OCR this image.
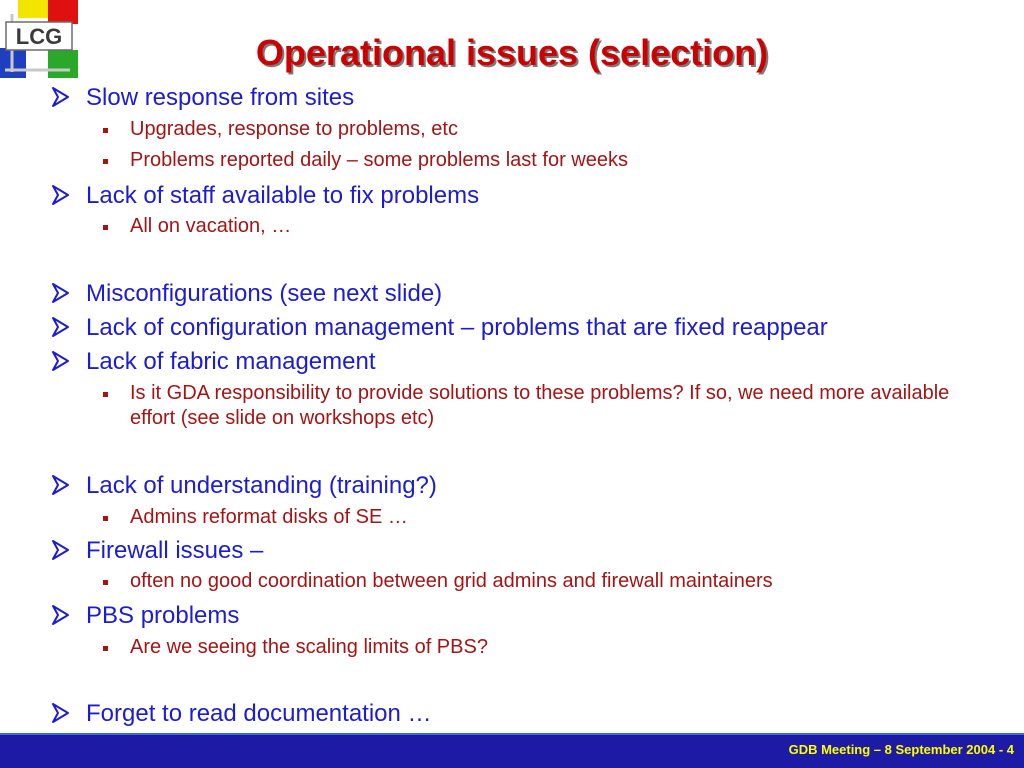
LCG	Operational issues (selection)
Slow response from sites
Upgrades, response to problems, etc
Problems reported daily – some problems last for weeks
Lack of staff available to fix problems
All on vacation, …
Misconfigurations (see next slide)
Lack of configuration management – problems that are fixed reappear
Lack of fabric management
Is it GDA responsibility to provide solutions to these problems? If so, we need more available effort (see slide on workshops etc)
Lack of understanding (training?)
Admins reformat disks of SE …
Firewall issues –
often no good coordination between grid admins and firewall maintainers
PBS problems
Are we seeing the scaling limits of PBS?
Forget to read documentation …
GDB Meeting – 8 September 2004 - 4
